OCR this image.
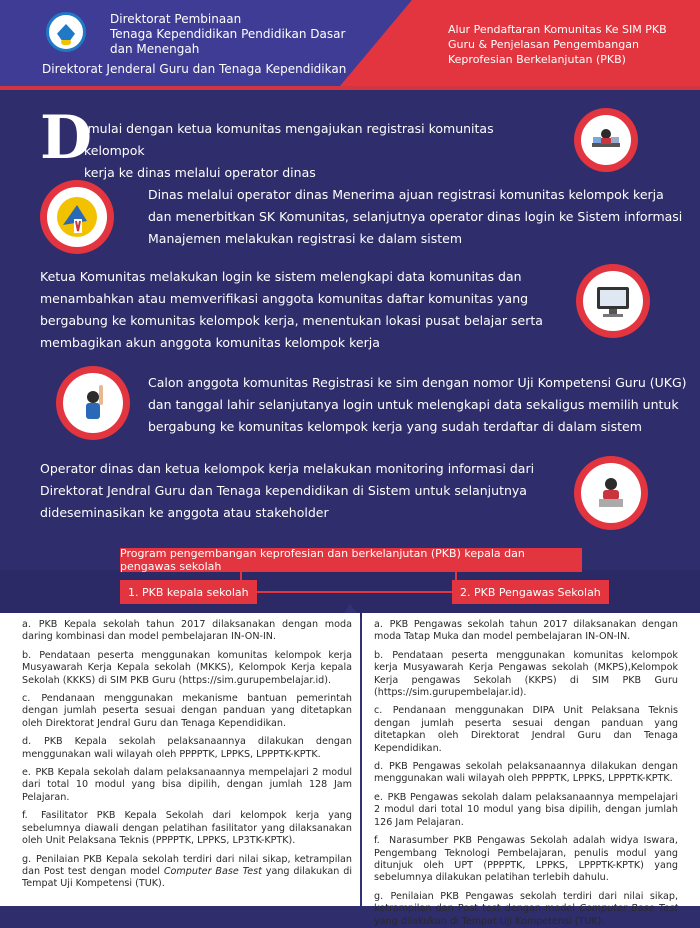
Direktorat Pembinaan
Tenaga Kependidikan Pendidikan Dasar
dan Menengah
Direktorat Jenderal Guru dan Tenaga Kependidikan
Alur Pendaftaran Komunitas Ke SIM PKB
Guru & Penjelasan Pengembangan
Keprofesian Berkelanjutan (PKB)
D
imulai dengan ketua komunitas mengajukan registrasi komunitas kelompok
kerja ke dinas melalui operator dinas
Dinas melalui operator dinas Menerima ajuan registrasi komunitas kelompok kerja
dan menerbitkan SK Komunitas, selanjutnya operator dinas login ke Sistem informasi
Manajemen melakukan registrasi ke dalam sistem
Ketua Komunitas melakukan login ke sistem melengkapi data komunitas dan
menambahkan atau memverifikasi anggota komunitas daftar komunitas yang
bergabung ke komunitas kelompok kerja, menentukan lokasi pusat belajar serta
membagikan akun anggota komunitas kelompok kerja
Calon anggota komunitas Registrasi ke sim dengan nomor Uji Kompetensi Guru (UKG)
dan tanggal lahir selanjutanya login untuk melengkapi data sekaligus memilih untuk
bergabung ke komunitas kelompok kerja yang sudah terdaftar di dalam sistem
Operator dinas dan ketua kelompok kerja melakukan monitoring informasi dari
Direktorat Jendral Guru dan Tenaga kependidikan di Sistem untuk selanjutnya
dideseminasikan ke anggota atau stakeholder
Program pengembangan keprofesian dan berkelanjutan (PKB) kepala dan pengawas sekolah
1. PKB kepala sekolah	2. PKB Pengawas Sekolah
a. PKB Kepala sekolah tahun 2017 dilaksanakan dengan moda daring kombinasi dan model pembelajaran IN-ON-IN.
b. Pendataan peserta menggunakan komunitas kelompok kerja Musyawarah Kerja Kepala sekolah (MKKS), Kelompok Kerja kepala Sekolah (KKKS) di SIM PKB Guru (https://sim.gurupembelajar.id).
c. Pendanaan menggunakan mekanisme bantuan pemerintah dengan jumlah peserta sesuai dengan panduan yang ditetapkan oleh Direktorat Jendral Guru dan Tenaga Kependidikan.
d. PKB Kepala sekolah pelaksanaannya dilakukan dengan menggunakan wali wilayah oleh PPPPTK, LPPKS, LPPPTK-KPTK.
e. PKB Kepala sekolah dalam pelaksanaannya mempelajari 2 modul dari total 10 modul yang bisa dipilih, dengan jumlah 128 Jam Pelajaran.
f. Fasilitator PKB Kepala Sekolah dari kelompok kerja yang sebelumnya diawali dengan pelatihan fasilitator yang dilaksanakan oleh Unit Pelaksana Teknis (PPPPTK, LPPKS, LP3TK-KPTK).
g. Penilaian PKB Kepala sekolah terdiri dari nilai sikap, ketrampilan dan Post test dengan model Computer Base Test yang dilakukan di Tempat Uji Kompetensi (TUK).
a. PKB Pengawas sekolah tahun 2017 dilaksanakan dengan moda Tatap Muka dan model pembelajaran IN-ON-IN.
b. Pendataan peserta menggunakan komunitas kelompok kerja Musyawarah Kerja Pengawas sekolah (MKPS),Kelompok Kerja pengawas Sekolah (KKPS) di SIM PKB Guru (https://sim.gurupembelajar.id).
c. Pendanaan menggunakan DIPA Unit Pelaksana Teknis dengan jumlah peserta sesuai dengan panduan yang ditetapkan oleh Direktorat Jendral Guru dan Tenaga Kependidikan.
d. PKB Pengawas sekolah pelaksanaannya dilakukan dengan menggunakan wali wilayah oleh PPPPTK, LPPKS, LPPPTK-KPTK.
e. PKB Pengawas sekolah dalam pelaksanaannya mempelajari 2 modul dari total 10 modul yang bisa dipilih, dengan jumlah 126 Jam Pelajaran.
f. Narasumber PKB Pengawas Sekolah adalah widya Iswara, Pengembang Teknologi Pembelajaran, penulis modul yang ditunjuk oleh UPT (PPPPTK, LPPKS, LPPPTK-KPTK) yang sebelumnya dilakukan pelatihan terlebih dahulu.
g. Penilaian PKB Pengawas sekolah terdiri dari nilai sikap, ketrampilan dan Post test dengan model Computer Base Test yang dilakukan di Tempat Uji Kompetensi (TUK).
